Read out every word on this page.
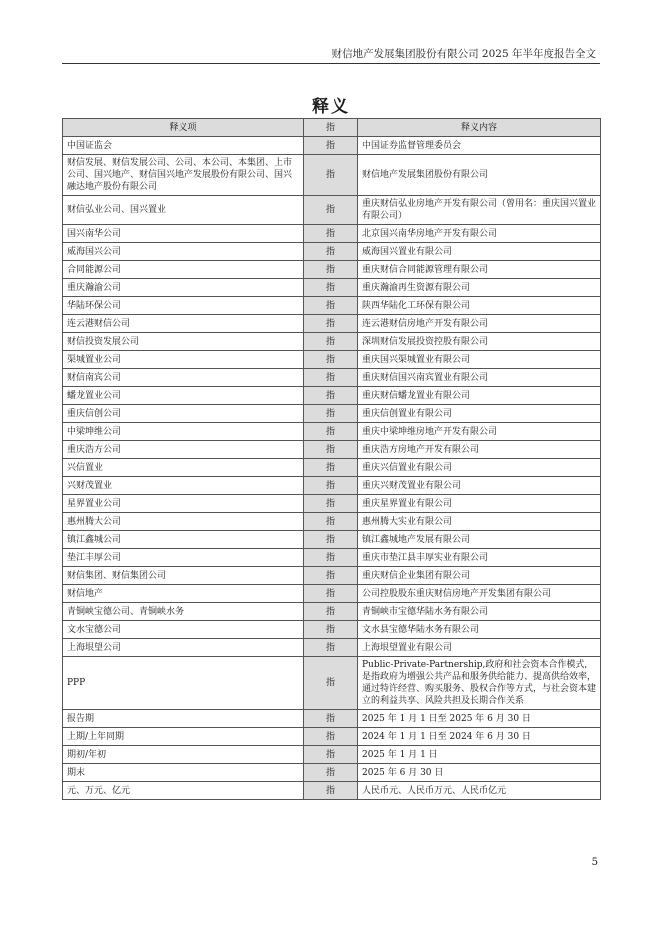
财信地产发展集团股份有限公司 2025 年半年度报告全文
释义
释义项	指	释义内容
中国证监会	指	中国证券监督管理委员会
财信发展、财信发展公司、公司、本公司、本集团、上市公司、国兴地产、财信国兴地产发展股份有限公司、国兴融达地产股份有限公司	指	财信地产发展集团股份有限公司
财信弘业公司、国兴置业	指	重庆财信弘业房地产开发有限公司（曾用名：重庆国兴置业有限公司）
国兴南华公司	指	北京国兴南华房地产开发有限公司
威海国兴公司	指	威海国兴置业有限公司
合同能源公司	指	重庆财信合同能源管理有限公司
重庆瀚渝公司	指	重庆瀚渝再生资源有限公司
华陆环保公司	指	陕西华陆化工环保有限公司
连云港财信公司	指	连云港财信房地产开发有限公司
财信投资发展公司	指	深圳财信发展投资控股有限公司
渠城置业公司	指	重庆国兴渠城置业有限公司
财信南宾公司	指	重庆财信国兴南宾置业有限公司
蟠龙置业公司	指	重庆财信蟠龙置业有限公司
重庆信创公司	指	重庆信创置业有限公司
中梁坤维公司	指	重庆中梁坤维房地产开发有限公司
重庆浩方公司	指	重庆浩方房地产开发有限公司
兴信置业	指	重庆兴信置业有限公司
兴财茂置业	指	重庆兴财茂置业有限公司
星界置业公司	指	重庆星界置业有限公司
惠州腾大公司	指	惠州腾大实业有限公司
镇江鑫城公司	指	镇江鑫城地产发展有限公司
垫江丰厚公司	指	重庆市垫江县丰厚实业有限公司
财信集团、财信集团公司	指	重庆财信企业集团有限公司
财信地产	指	公司控股股东重庆财信房地产开发集团有限公司
青铜峡宝德公司、青铜峡水务	指	青铜峡市宝德华陆水务有限公司
文水宝德公司	指	文水县宝德华陆水务有限公司
上海垠望公司	指	上海垠望置业有限公司
PPP	指	Public-Private-Partnership,政府和社会资本合作模式,是指政府为增强公共产品和服务供给能力、提高供给效率，通过特许经营、购买服务、股权合作等方式，与社会资本建立的利益共享、风险共担及长期合作关系
报告期	指	2025 年 1 月 1 日至 2025 年 6 月 30 日
上期/上年同期	指	2024 年 1 月 1 日至 2024 年 6 月 30 日
期初/年初	指	2025 年 1 月 1 日
期末	指	2025 年 6 月 30 日
元、万元、亿元	指	人民币元、人民币万元、人民币亿元
5
